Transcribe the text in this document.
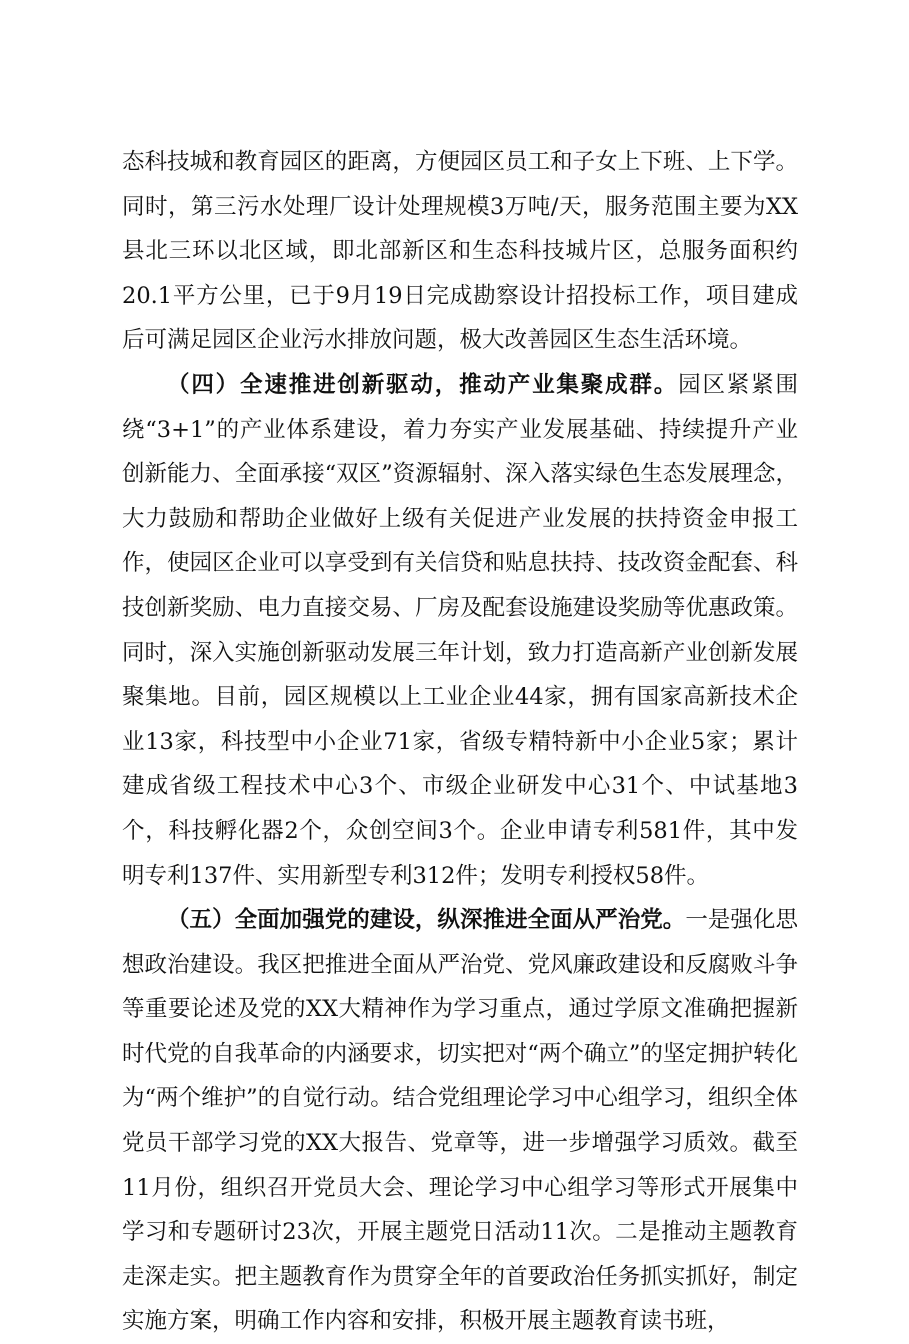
态科技城和教育园区的距离，方便园区员工和子女上下班、上下学。同时，第三污水处理厂设计处理规模3万吨/天，服务范围主要为XX县北三环以北区域，即北部新区和生态科技城片区，总服务面积约20.1平方公里，已于9月19日完成勘察设计招投标工作，项目建成后可满足园区企业污水排放问题，极大改善园区生态生活环境。

（四）全速推进创新驱动，推动产业集聚成群。园区紧紧围绕“3+1”的产业体系建设，着力夯实产业发展基础、持续提升产业创新能力、全面承接“双区”资源辐射、深入落实绿色生态发展理念，大力鼓励和帮助企业做好上级有关促进产业发展的扶持资金申报工作，使园区企业可以享受到有关信贷和贴息扶持、技改资金配套、科技创新奖励、电力直接交易、厂房及配套设施建设奖励等优惠政策。同时，深入实施创新驱动发展三年计划，致力打造高新产业创新发展聚集地。目前，园区规模以上工业企业44家，拥有国家高新技术企业13家，科技型中小企业71家，省级专精特新中小企业5家；累计建成省级工程技术中心3个、市级企业研发中心31个、中试基地3个，科技孵化器2个，众创空间3个。企业申请专利581件，其中发明专利137件、实用新型专利312件；发明专利授权58件。

（五）全面加强党的建设，纵深推进全面从严治党。一是强化思想政治建设。我区把推进全面从严治党、党风廉政建设和反腐败斗争等重要论述及党的XX大精神作为学习重点，通过学原文准确把握新时代党的自我革命的内涵要求，切实把对“两个确立”的坚定拥护转化为“两个维护”的自觉行动。结合党组理论学习中心组学习，组织全体党员干部学习党的XX大报告、党章等，进一步增强学习质效。截至11月份，组织召开党员大会、理论学习中心组学习等形式开展集中学习和专题研讨23次，开展主题党日活动11次。二是推动主题教育走深走实。把主题教育作为贯穿全年的首要政治任务抓实抓好，制定实施方案，明确工作内容和安排，积极开展主题教育读书班，
